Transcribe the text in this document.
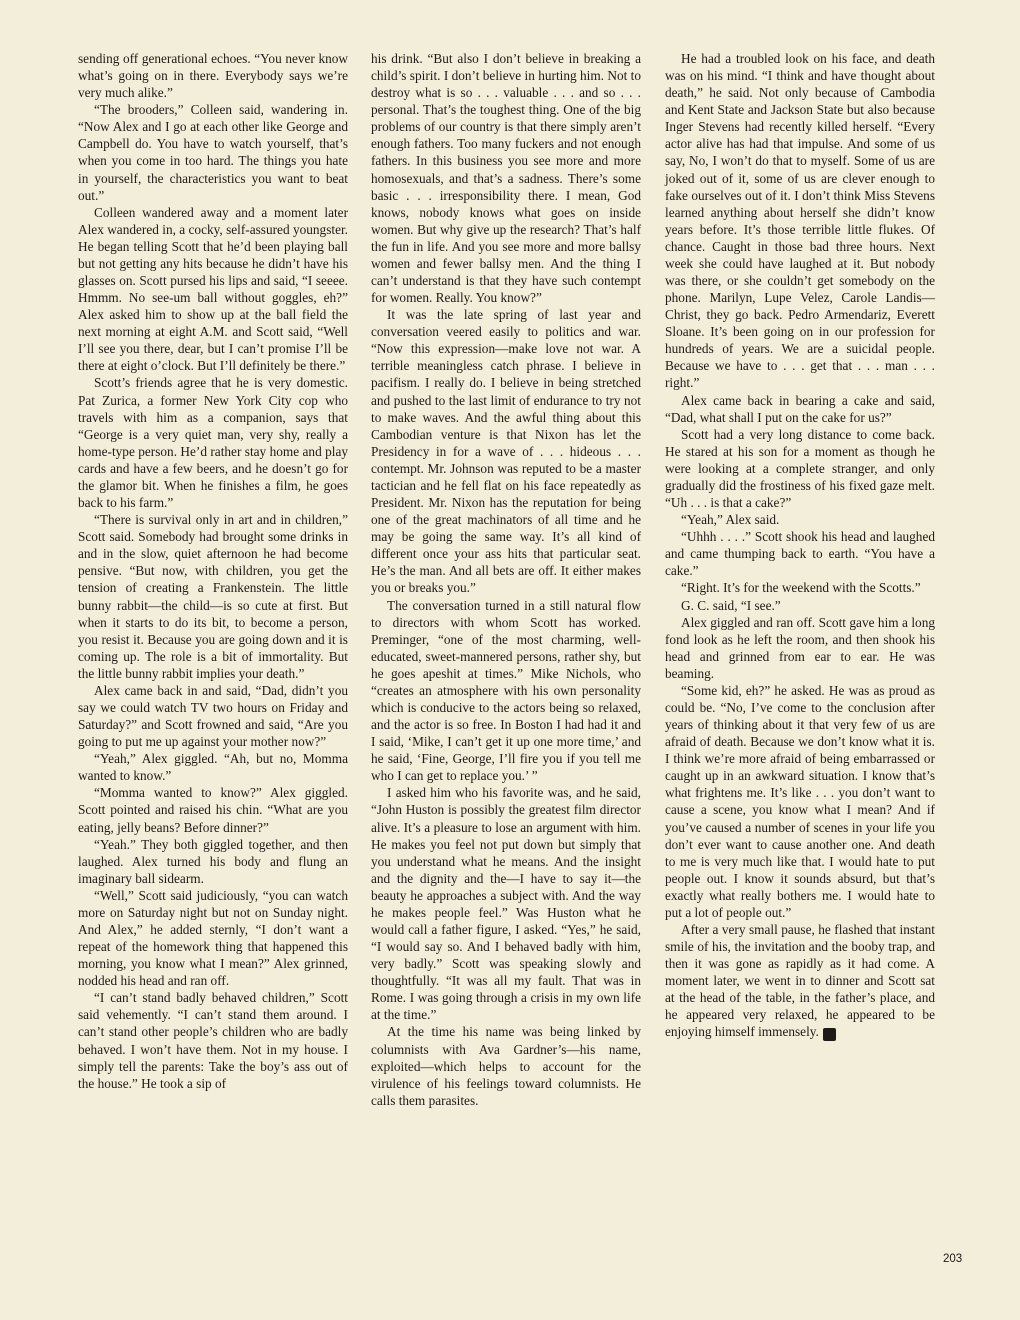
sending off generational echoes. “You never know what’s going on in there. Everybody says we’re very much alike.”

“The brooders,” Colleen said, wandering in. “Now Alex and I go at each other like George and Campbell do. You have to watch yourself, that’s when you come in too hard. The things you hate in yourself, the characteristics you want to beat out.”

Colleen wandered away and a moment later Alex wandered in, a cocky, self-assured youngster. He began telling Scott that he’d been playing ball but not getting any hits because he didn’t have his glasses on. Scott pursed his lips and said, “I seeee. Hmmm. No see-um ball without goggles, eh?” Alex asked him to show up at the ball field the next morning at eight A.M. and Scott said, “Well I’ll see you there, dear, but I can’t promise I’ll be there at eight o’clock. But I’ll definitely be there.”

Scott’s friends agree that he is very domestic. Pat Zurica, a former New York City cop who travels with him as a companion, says that “George is a very quiet man, very shy, really a home-type person. He’d rather stay home and play cards and have a few beers, and he doesn’t go for the glamor bit. When he finishes a film, he goes back to his farm.”

“There is survival only in art and in children,” Scott said. Somebody had brought some drinks in and in the slow, quiet afternoon he had become pensive. “But now, with children, you get the tension of creating a Frankenstein. The little bunny rabbit—the child—is so cute at first. But when it starts to do its bit, to become a person, you resist it. Because you are going down and it is coming up. The role is a bit of immortality. But the little bunny rabbit implies your death.”

Alex came back in and said, “Dad, didn’t you say we could watch TV two hours on Friday and Saturday?” and Scott frowned and said, “Are you going to put me up against your mother now?”

“Yeah,” Alex giggled. “Ah, but no, Momma wanted to know.”

“Momma wanted to know?” Alex giggled. Scott pointed and raised his chin. “What are you eating, jelly beans? Before dinner?”

“Yeah.” They both giggled together, and then laughed. Alex turned his body and flung an imaginary ball sidearm.

“Well,” Scott said judiciously, “you can watch more on Saturday night but not on Sunday night. And Alex,” he added sternly, “I don’t want a repeat of the homework thing that happened this morning, you know what I mean?” Alex grinned, nodded his head and ran off.

“I can’t stand badly behaved children,” Scott said vehemently. “I can’t stand them around. I can’t stand other people’s children who are badly behaved. I won’t have them. Not in my house. I simply tell the parents: Take the boy’s ass out of the house.” He took a sip of

his drink. “But also I don’t believe in breaking a child’s spirit. I don’t believe in hurting him. Not to destroy what is so . . . valuable . . . and so . . . personal. That’s the toughest thing. One of the big problems of our country is that there simply aren’t enough fathers. Too many fuckers and not enough fathers. In this business you see more and more homosexuals, and that’s a sadness. There’s some basic . . . irresponsibility there. I mean, God knows, nobody knows what goes on inside women. But why give up the research? That’s half the fun in life. And you see more and more ballsy women and fewer ballsy men. And the thing I can’t understand is that they have such contempt for women. Really. You know?”

It was the late spring of last year and conversation veered easily to politics and war. “Now this expression—make love not war. A terrible meaningless catch phrase. I believe in pacifism. I really do. I believe in being stretched and pushed to the last limit of endurance to try not to make waves. And the awful thing about this Cambodian venture is that Nixon has let the Presidency in for a wave of . . . hideous . . . contempt. Mr. Johnson was reputed to be a master tactician and he fell flat on his face repeatedly as President. Mr. Nixon has the reputation for being one of the great machinators of all time and he may be going the same way. It’s all kind of different once your ass hits that particular seat. He’s the man. And all bets are off. It either makes you or breaks you.”

The conversation turned in a still natural flow to directors with whom Scott has worked. Preminger, “one of the most charming, well-educated, sweet-mannered persons, rather shy, but he goes apeshit at times.” Mike Nichols, who “creates an atmosphere with his own personality which is conducive to the actors being so relaxed, and the actor is so free. In Boston I had had it and I said, ‘Mike, I can’t get it up one more time,’ and he said, ‘Fine, George, I’ll fire you if you tell me who I can get to replace you.’ ”

I asked him who his favorite was, and he said, “John Huston is possibly the greatest film director alive. It’s a pleasure to lose an argument with him. He makes you feel not put down but simply that you understand what he means. And the insight and the dignity and the—I have to say it—the beauty he approaches a subject with. And the way he makes people feel.” Was Huston what he would call a father figure, I asked. “Yes,” he said, “I would say so. And I behaved badly with him, very badly.” Scott was speaking slowly and thoughtfully. “It was all my fault. That was in Rome. I was going through a crisis in my own life at the time.”

At the time his name was being linked by columnists with Ava Gardner’s—his name, exploited—which helps to account for the virulence of his feelings toward columnists. He calls them parasites.

He had a troubled look on his face, and death was on his mind. “I think and have thought about death,” he said. Not only because of Cambodia and Kent State and Jackson State but also because Inger Stevens had recently killed herself. “Every actor alive has had that impulse. And some of us say, No, I won’t do that to myself. Some of us are joked out of it, some of us are clever enough to fake ourselves out of it. I don’t think Miss Stevens learned anything about herself she didn’t know years before. It’s those terrible little flukes. Of chance. Caught in those bad three hours. Next week she could have laughed at it. But nobody was there, or she couldn’t get somebody on the phone. Marilyn, Lupe Velez, Carole Landis—Christ, they go back. Pedro Armendariz, Everett Sloane. It’s been going on in our profession for hundreds of years. We are a suicidal people. Because we have to . . . get that . . . man . . . right.”

Alex came back in bearing a cake and said, “Dad, what shall I put on the cake for us?”

Scott had a very long distance to come back. He stared at his son for a moment as though he were looking at a complete stranger, and only gradually did the frostiness of his fixed gaze melt. “Uh . . . is that a cake?”

“Yeah,” Alex said.

“Uhhh . . . .” Scott shook his head and laughed and came thumping back to earth. “You have a cake.”

“Right. It’s for the weekend with the Scotts.”

G. C. said, “I see.”

Alex giggled and ran off. Scott gave him a long fond look as he left the room, and then shook his head and grinned from ear to ear. He was beaming.

“Some kid, eh?” he asked. He was as proud as could be. “No, I’ve come to the conclusion after years of thinking about it that very few of us are afraid of death. Because we don’t know what it is. I think we’re more afraid of being embarrassed or caught up in an awkward situation. I know that’s what frightens me. It’s like . . . you don’t want to cause a scene, you know what I mean? And if you’ve caused a number of scenes in your life you don’t ever want to cause another one. And death to me is very much like that. I would hate to put people out. I know it sounds absurd, but that’s exactly what really bothers me. I would hate to put a lot of people out.”

After a very small pause, he flashed that instant smile of his, the invitation and the booby trap, and then it was gone as rapidly as it had come. A moment later, we went in to dinner and Scott sat at the head of the table, in the father’s place, and he appeared very relaxed, he appeared to be enjoying himself immensely. ☻

203
